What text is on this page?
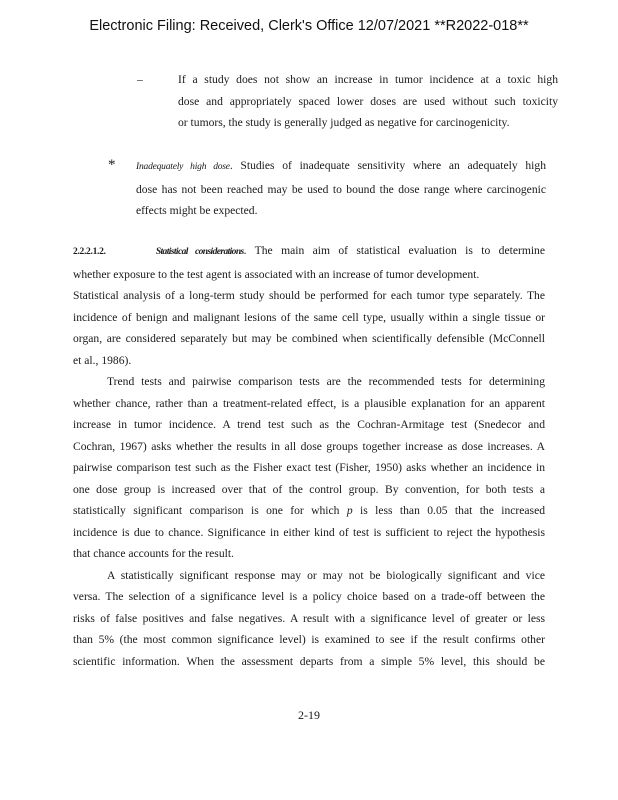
Electronic Filing: Received, Clerk's Office 12/07/2021 **R2022-018**
–	If a study does not show an increase in tumor incidence at a toxic high

dose and appropriately spaced lower doses are used without such toxicity

or tumors, the study is generally judged as negative for carcinogenicity.

* Inadequately high dose. Studies of inadequate sensitivity where an adequately high

dose has not been reached may be used to bound the dose range where carcinogenic

effects might be expected.

2.2.2.1.2.	Statistical considerations. The main aim of statistical evaluation is to determine

whether exposure to the test agent is associated with an increase of tumor development.

Statistical analysis of a long-term study should be performed for each tumor type separately. The

incidence of benign and malignant lesions of the same cell type, usually within a single tissue or

organ, are considered separately but may be combined when scientifically defensible (McConnell

et al., 1986).

Trend tests and pairwise comparison tests are the recommended tests for determining

whether chance, rather than a treatment-related effect, is a plausible explanation for an apparent

increase in tumor incidence. A trend test such as the Cochran-Armitage test (Snedecor and

Cochran, 1967) asks whether the results in all dose groups together increase as dose increases. A

pairwise comparison test such as the Fisher exact test (Fisher, 1950) asks whether an incidence in

one dose group is increased over that of the control group. By convention, for both tests a

statistically significant comparison is one for which p is less than 0.05 that the increased

incidence is due to chance. Significance in either kind of test is sufficient to reject the hypothesis

that chance accounts for the result.

A statistically significant response may or may not be biologically significant and vice

versa. The selection of a significance level is a policy choice based on a trade-off between the

risks of false positives and false negatives. A result with a significance level of greater or less

than 5% (the most common significance level) is examined to see if the result confirms other

scientific information. When the assessment departs from a simple 5% level, this should be

2-19
